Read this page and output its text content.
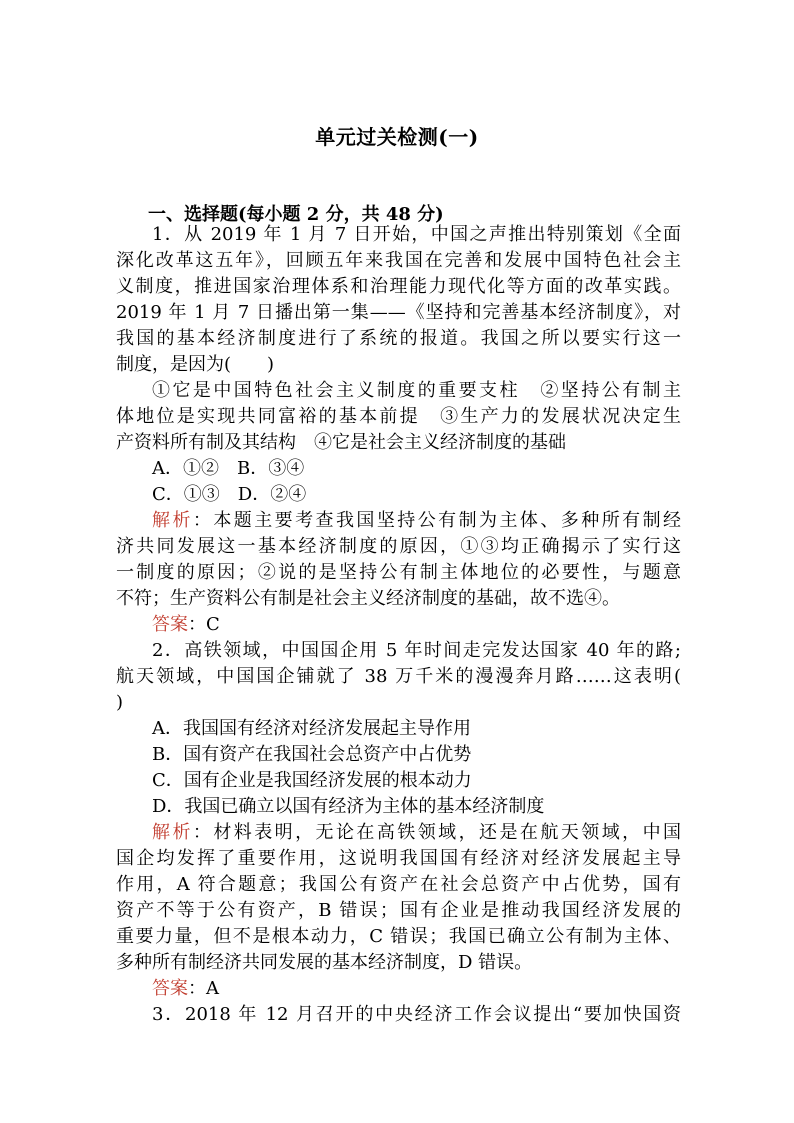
单元过关检测(一)
一、选择题(每小题 2 分，共 48 分)
1．从 2019 年 1 月 7 日开始，中国之声推出特别策划《全面
深化改革这五年》，回顾五年来我国在完善和发展中国特色社会主
义制度，推进国家治理体系和治理能力现代化等方面的改革实践。
2019 年 1 月 7 日播出第一集——《坚持和完善基本经济制度》，对
我国的基本经济制度进行了系统的报道。我国之所以要实行这一
制度，是因为(　　)
①它是中国特色社会主义制度的重要支柱　②坚持公有制主
体地位是实现共同富裕的基本前提　③生产力的发展状况决定生
产资料所有制及其结构　④它是社会主义经济制度的基础
A．①②　B．③④
C．①③　D．②④
解析：本题主要考查我国坚持公有制为主体、多种所有制经
济共同发展这一基本经济制度的原因，①③均正确揭示了实行这
一制度的原因；②说的是坚持公有制主体地位的必要性，与题意
不符；生产资料公有制是社会主义经济制度的基础，故不选④。
答案：C
2．高铁领域，中国国企用 5 年时间走完发达国家 40 年的路;
航天领域，中国国企铺就了 38 万千米的漫漫奔月路……这表明(
)
A．我国国有经济对经济发展起主导作用
B．国有资产在我国社会总资产中占优势
C．国有企业是我国经济发展的根本动力
D．我国已确立以国有经济为主体的基本经济制度
解析：材料表明，无论在高铁领域，还是在航天领域，中国
国企均发挥了重要作用，这说明我国国有经济对经济发展起主导
作用，A 符合题意；我国公有资产在社会总资产中占优势，国有
资产不等于公有资产，B 错误；国有企业是推动我国经济发展的
重要力量，但不是根本动力，C 错误；我国已确立公有制为主体、
多种所有制经济共同发展的基本经济制度，D 错误。
答案：A
3．2018 年 12 月召开的中央经济工作会议提出“要加快国资
